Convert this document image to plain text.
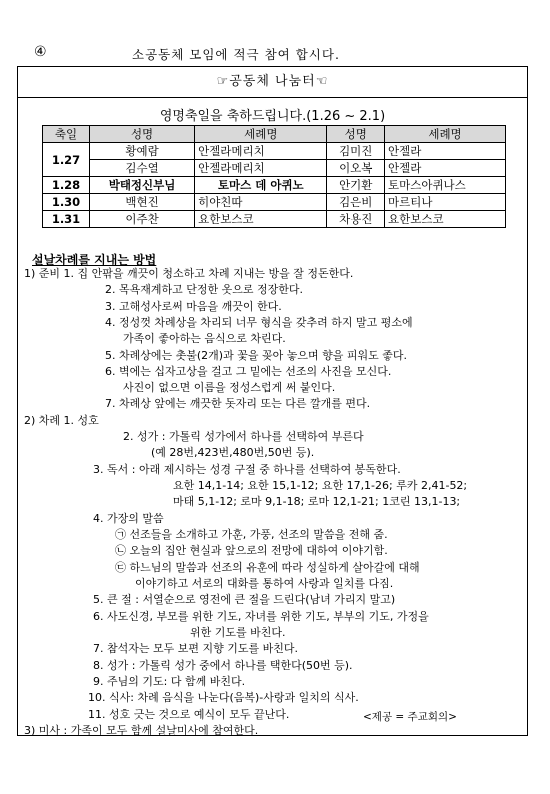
④	소공동체 모임에 적극 참여 합시다.
☞공동체 나눔터☜
영명축일을 축하드립니다.(1.26 ~ 2.1)
축일	성명	세례명	성명	세례명
1.27	황예람	안젤라메리치	김미진	안젤라
	김수열	안젤라메리치	이오복	안젤라
1.28	박태정신부님	토마스 데 아퀴노	안기환	토마스아퀴나스
1.30	백현진	히야친따	김은비	마르티나
1.31	이주찬	요한보스코	차용진	요한보스코
설날차례를 지내는 방법
1) 준비 1. 집 안팎을 깨끗이 청소하고 차례 지내는 방을 잘 정돈한다.
2. 목욕재계하고 단정한 옷으로 정장한다.
3. 고해성사로써 마음을 깨끗이 한다.
4. 정성껏 차례상을 차리되 너무 형식을 갖추려 하지 말고 평소에
가족이 좋아하는 음식으로 차린다.
5. 차례상에는 촛불(2개)과 꽃을 꽂아 놓으며 향을 피워도 좋다.
6. 벽에는 십자고상을 걸고 그 밑에는 선조의 사진을 모신다.
사진이 없으면 이름을 정성스럽게 써 붙인다.
7. 차례상 앞에는 깨끗한 돗자리 또는 다른 깔개를 편다.
2) 차례 1. 성호
2. 성가 : 가톨릭 성가에서 하나를 선택하여 부른다
(예 28번,423번,480번,50번 등).
3. 독서 : 아래 제시하는 성경 구절 중 하나를 선택하여 봉독한다.
요한 14,1-14; 요한 15,1-12; 요한 17,1-26; 루카 2,41-52;
마태 5,1-12; 로마 9,1-18; 로마 12,1-21; 1코린 13,1-13;
4. 가장의 말씀
㉠ 선조들을 소개하고 가훈, 가풍, 선조의 말씀을 전해 줌.
㉡ 오늘의 집안 현실과 앞으로의 전망에 대하여 이야기함.
㉢ 하느님의 말씀과 선조의 유훈에 따라 성실하게 살아갈에 대해
이야기하고 서로의 대화를 통하여 사랑과 일치를 다짐.
5. 큰 절 : 서열순으로 영전에 큰 절을 드린다(남녀 가리지 말고)
6. 사도신경, 부모를 위한 기도, 자녀를 위한 기도, 부부의 기도, 가정을
위한 기도를 바친다.
7. 참석자는 모두 보편 지향 기도를 바친다.
8. 성가 : 가톨릭 성가 중에서 하나를 택한다(50번 등).
9. 주님의 기도: 다 함께 바친다.
10. 식사: 차례 음식을 나눈다(음복)-사랑과 일치의 식사.
11. 성호 긋는 것으로 예식이 모두 끝난다.
3) 미사 : 가족이 모두 함께 설날미사에 참여한다.
<제공 = 주교회의>
